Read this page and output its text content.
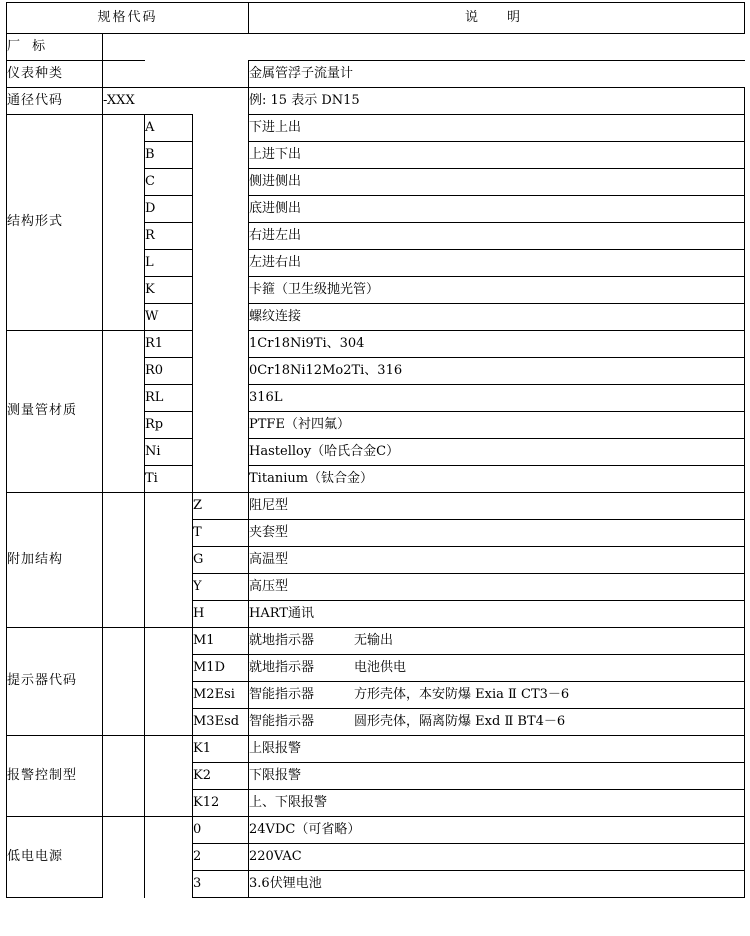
规格代码				说　明
厂 标				
仪表种类				金属管浮子流量计
通径代码	-XXX			例: 15 表示 DN15
结构形式		A		下进上出
		B		上进下出
		C		侧进侧出
		D		底进侧出
		R		右进左出
		L		左进右出
		K		卡箍（卫生级抛光管）
		W		螺纹连接
测量管材质		R1		1Cr18Ni9Ti、304
		R0		0Cr18Ni12Mo2Ti、316
		RL		316L
		Rp		PTFE（衬四氟）
		Ni		Hastelloy（哈氏合金C）
		Ti		Titanium（钛合金）
附加结构			Z	阻尼型
			T	夹套型
			G	高温型
			Y	高压型
			H	HART通讯
提示器代码			M1	就地指示器 无输出
			M1D	就地指示器 电池供电
			M2Esi	智能指示器 方形壳体，本安防爆 Exia Ⅱ CT3－6
			M3Esd	智能指示器 圆形壳体，隔离防爆 Exd Ⅱ BT4－6
报警控制型			K1	上限报警
			K2	下限报警
			K12	上、下限报警
低电电源			0	24VDC（可省略）
			2	220VAC
			3	3.6伏锂电池
